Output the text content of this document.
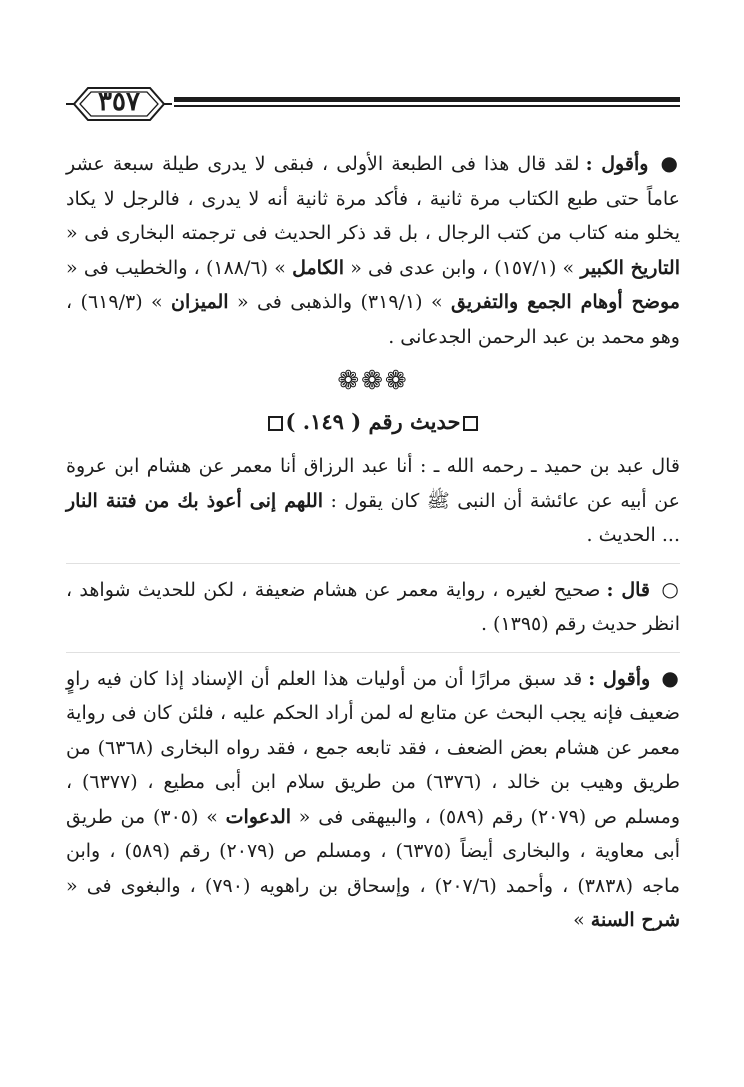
٣٥٧

● وأقول : لقد قال هذا فى الطبعة الأولى ، فبقى لا يدرى طيلة سبعة عشر عاماً حتى طبع الكتاب مرة ثانية ، فأكد مرة ثانية أنه لا يدرى ، فالرجل لا يكاد يخلو منه كتاب من كتب الرجال ، بل قد ذكر الحديث فى ترجمته البخارى فى « التاريخ الكبير » (١٥٧/١) ، وابن عدى فى « الكامل » (١٨٨/٦) ، والخطيب فى « موضح أوهام الجمع والتفريق » (٣١٩/١) والذهبى فى « الميزان » (٦١٩/٣) ، وهو محمد بن عبد الرحمن الجدعانى .

❁❁❁
حديث رقم ( ١٤٩. )

قال عبد بن حميد ـ رحمه الله ـ : أنا عبد الرزاق أنا معمر عن هشام ابن عروة عن أبيه عن عائشة أن النبى ﷺ كان يقول : اللهم إنى أعوذ بك من فتنة النار ... الحديث .

○ قال : صحيح لغيره ، رواية معمر عن هشام ضعيفة ، لكن للحديث شواهد ، انظر حديث رقم (١٣٩٥) .

● وأقول : قد سبق مرارًا أن من أوليات هذا العلم أن الإسناد إذا كان فيه راوٍ ضعيف فإنه يجب البحث عن متابع له لمن أراد الحكم عليه ، فلئن كان فى رواية معمر عن هشام بعض الضعف ، فقد تابعه جمع ، فقد رواه البخارى (٦٣٦٨) من طريق وهيب بن خالد ، (٦٣٧٦) من طريق سلام ابن أبى مطيع ، (٦٣٧٧) ، ومسلم ص (٢٠٧٩) رقم (٥٨٩) ، والبيهقى فى « الدعوات » (٣٠٥) من طريق أبى معاوية ، والبخارى أيضاً (٦٣٧٥) ، ومسلم ص (٢٠٧٩) رقم (٥٨٩) ، وابن ماجه (٣٨٣٨) ، وأحمد (٢٠٧/٦) ، وإسحاق بن راهويه (٧٩٠) ، والبغوى فى « شرح السنة »
